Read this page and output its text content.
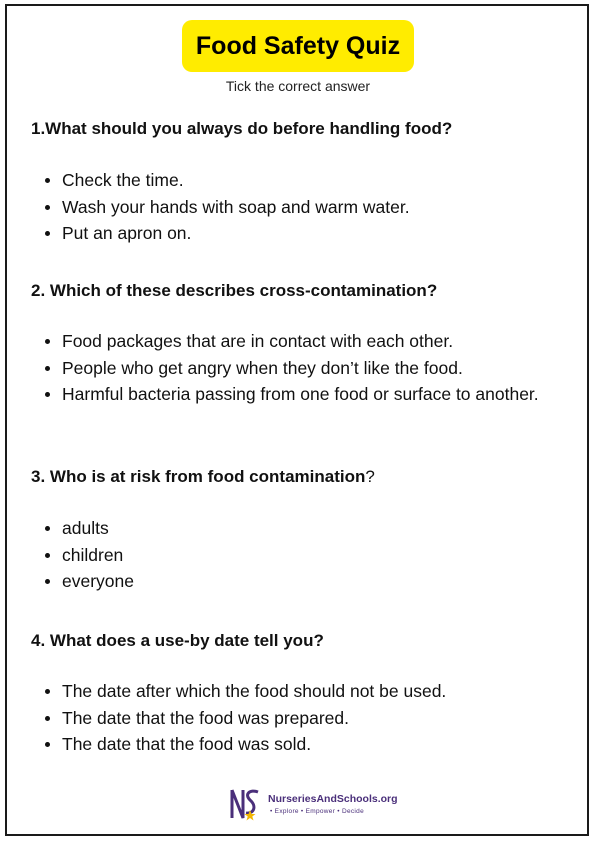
Food Safety Quiz
Tick the correct answer
1.What should you always do before handling food?
Check the time.
Wash your hands with soap and warm water.
Put an apron on.
2. Which of these describes cross-contamination?
Food packages that are in contact with each other.
People who get angry when they don’t like the food.
Harmful bacteria passing from one food or surface to another.
3. Who is at risk from food contamination?
adults
children
everyone
4. What does a use-by date tell you?
The date after which the food should not be used.
The date that the food was prepared.
The date that the food was sold.
NurseriesAndSchools.org
• Explore • Empower • Decide
